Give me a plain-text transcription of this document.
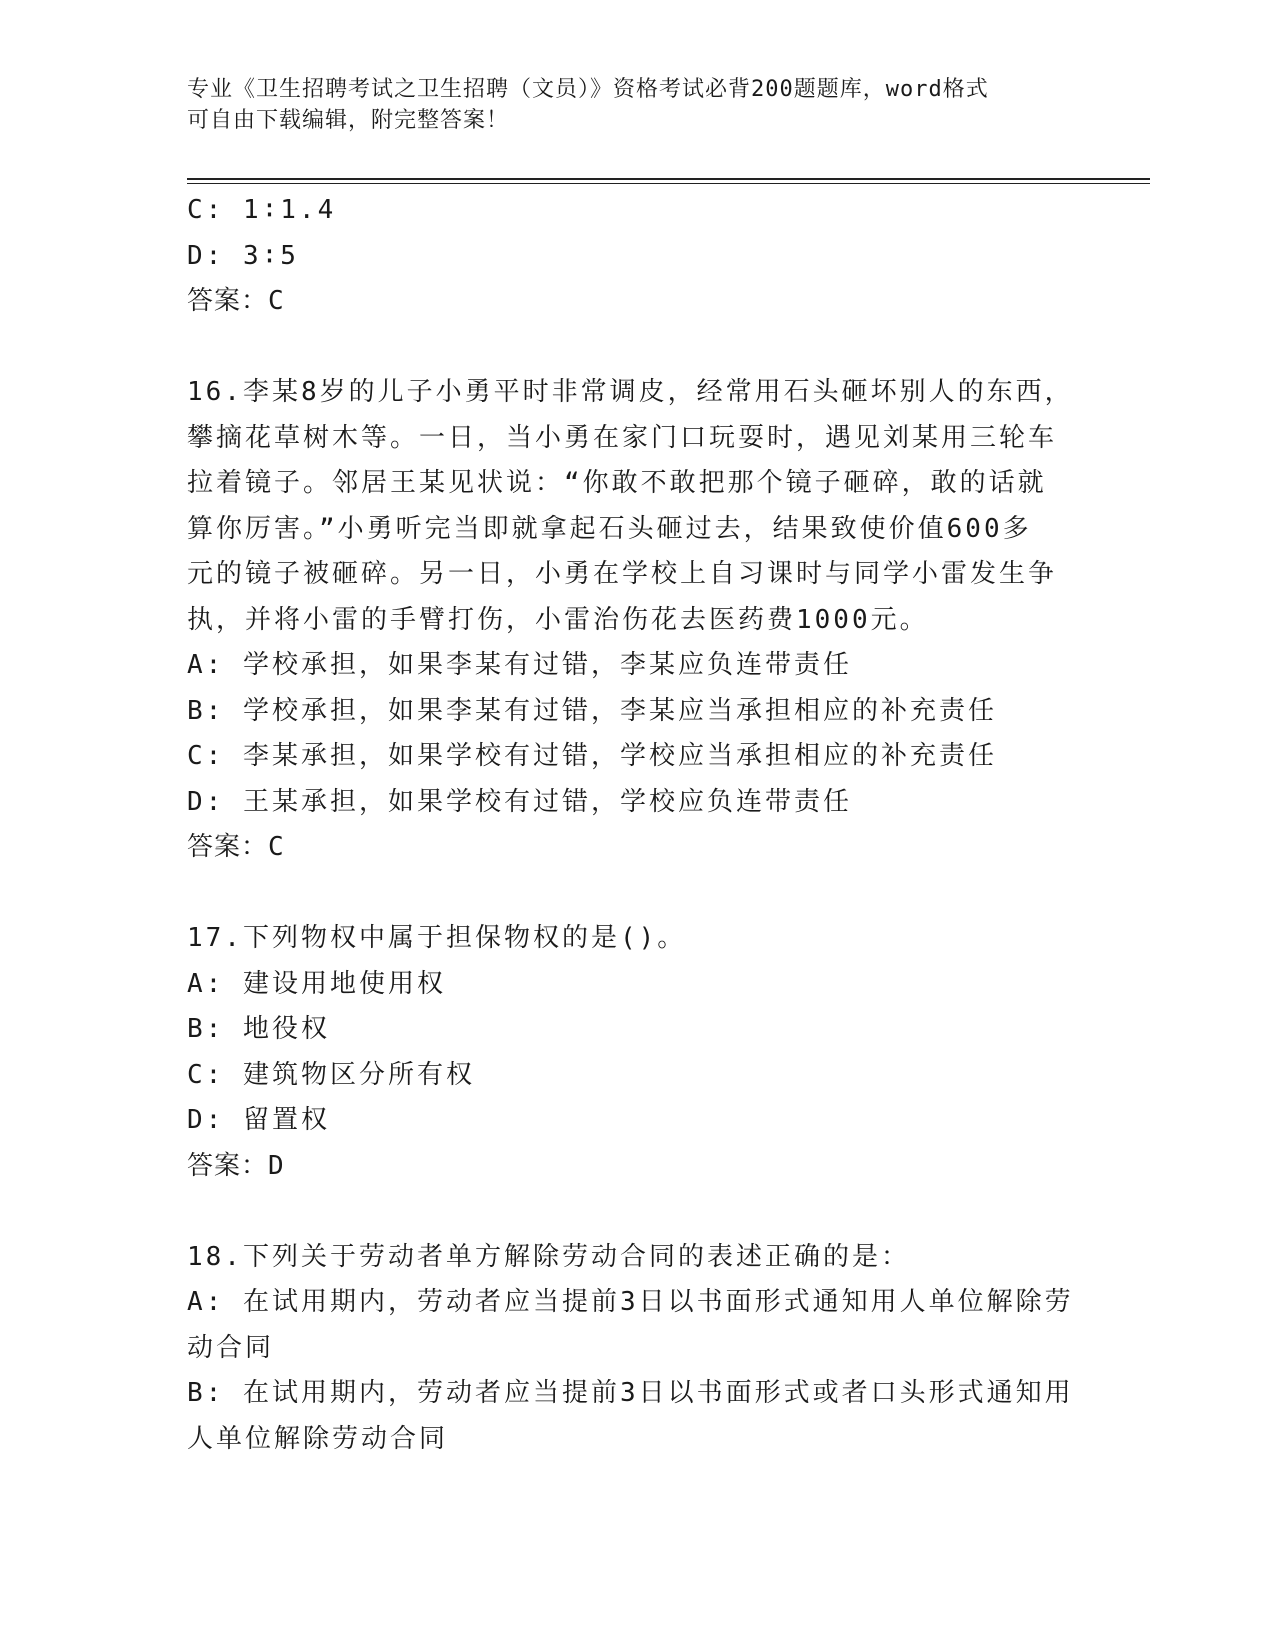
专业《卫生招聘考试之卫生招聘（文员）》资格考试必背200题题库，word格式
可自由下载编辑，附完整答案！
C: 1∶1.4
D: 3∶5
答案：C
16.李某8岁的儿子小勇平时非常调皮，经常用石头砸坏别人的东西，
攀摘花草树木等。一日，当小勇在家门口玩耍时，遇见刘某用三轮车
拉着镜子。邻居王某见状说：“你敢不敢把那个镜子砸碎，敢的话就
算你厉害。”小勇听完当即就拿起石头砸过去，结果致使价值600多
元的镜子被砸碎。另一日，小勇在学校上自习课时与同学小雷发生争
执，并将小雷的手臂打伤，小雷治伤花去医药费1000元。
A: 学校承担，如果李某有过错，李某应负连带责任
B: 学校承担，如果李某有过错，李某应当承担相应的补充责任
C: 李某承担，如果学校有过错，学校应当承担相应的补充责任
D: 王某承担，如果学校有过错，学校应负连带责任
答案：C
17.下列物权中属于担保物权的是()。
A: 建设用地使用权
B: 地役权
C: 建筑物区分所有权
D: 留置权
答案：D
18.下列关于劳动者单方解除劳动合同的表述正确的是：
A: 在试用期内，劳动者应当提前3日以书面形式通知用人单位解除劳
动合同
B: 在试用期内，劳动者应当提前3日以书面形式或者口头形式通知用
人单位解除劳动合同
